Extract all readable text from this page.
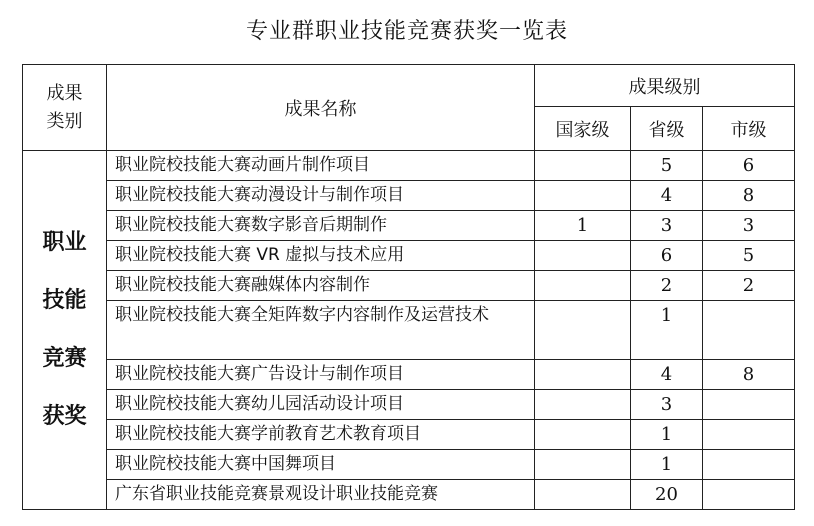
专业群职业技能竞赛获奖一览表
成果
类别	成果名称	成果级别		
		国家级	省级	市级
职业
技能
竞赛
获奖	职业院校技能大赛动画片制作项目		5	6
	职业院校技能大赛动漫设计与制作项目		4	8
	职业院校技能大赛数字影音后期制作	1	3	3
	职业院校技能大赛 VR 虚拟与技术应用		6	5
	职业院校技能大赛融媒体内容制作		2	2
	职业院校技能大赛全矩阵数字内容制作及运营技术		1	
	职业院校技能大赛广告设计与制作项目		4	8
	职业院校技能大赛幼儿园活动设计项目		3	
	职业院校技能大赛学前教育艺术教育项目		1	
	职业院校技能大赛中国舞项目		1	
	广东省职业技能竞赛景观设计职业技能竞赛		20	
